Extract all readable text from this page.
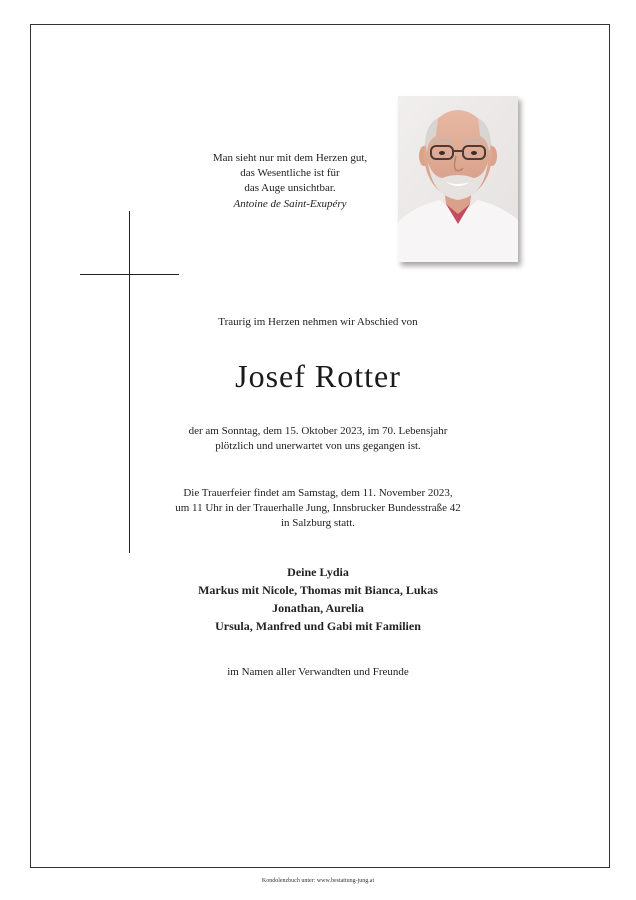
Man sieht nur mit dem Herzen gut,
das Wesentliche ist für
das Auge unsichtbar.
Antoine de Saint-Exupéry
Traurig im Herzen nehmen wir Abschied von
Josef Rotter
der am Sonntag, dem 15. Oktober 2023, im 70. Lebensjahr
plötzlich und unerwartet von uns gegangen ist.
Die Trauerfeier findet am Samstag, dem 11. November 2023,
um 11 Uhr in der Trauerhalle Jung, Innsbrucker Bundesstraße 42
in Salzburg statt.
Deine Lydia
Markus mit Nicole, Thomas mit Bianca, Lukas
Jonathan, Aurelia
Ursula, Manfred und Gabi mit Familien
im Namen aller Verwandten und Freunde
Kondolenzbuch unter: www.bestattung-jung.at
